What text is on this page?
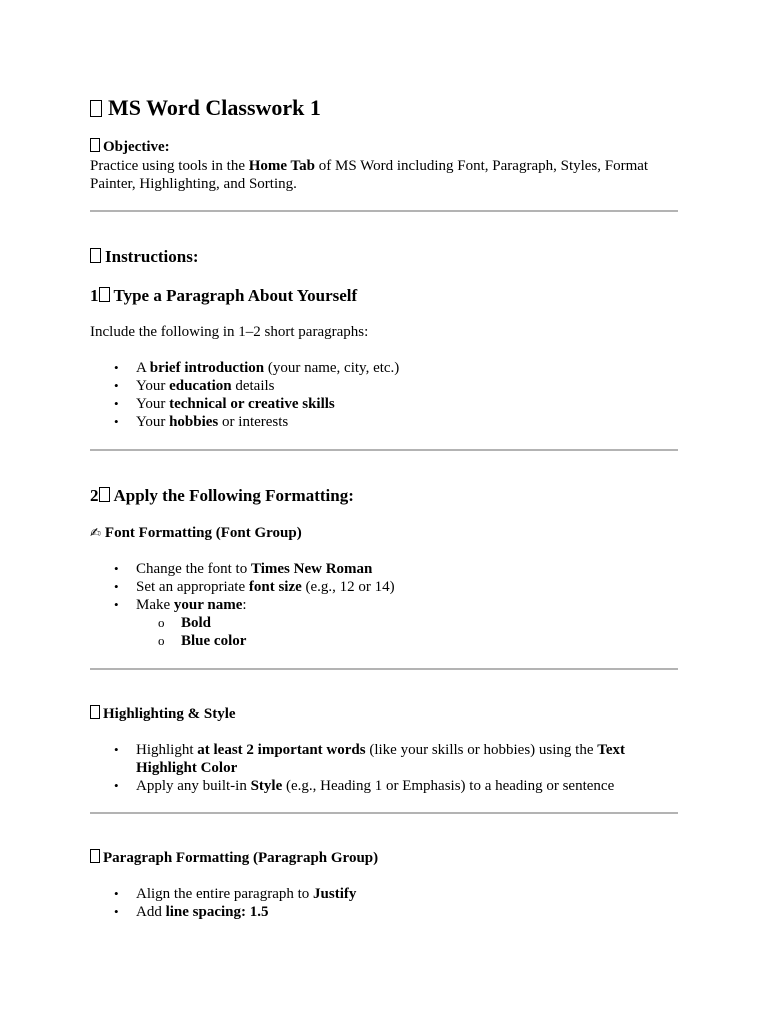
MS Word Classwork 1
Objective:
Practice using tools in the Home Tab of MS Word including Font, Paragraph, Styles, Format Painter, Highlighting, and Sorting.
Instructions:
1 Type a Paragraph About Yourself
Include the following in 1–2 short paragraphs:
• A brief introduction (your name, city, etc.)
• Your education details
• Your technical or creative skills
• Your hobbies or interests
2 Apply the Following Formatting:
✍ Font Formatting (Font Group)
• Change the font to Times New Roman
• Set an appropriate font size (e.g., 12 or 14)
• Make your name:
o Bold
o Blue color
Highlighting & Style
• Highlight at least 2 important words (like your skills or hobbies) using the Text Highlight Color
• Apply any built-in Style (e.g., Heading 1 or Emphasis) to a heading or sentence
Paragraph Formatting (Paragraph Group)
• Align the entire paragraph to Justify
• Add line spacing: 1.5
